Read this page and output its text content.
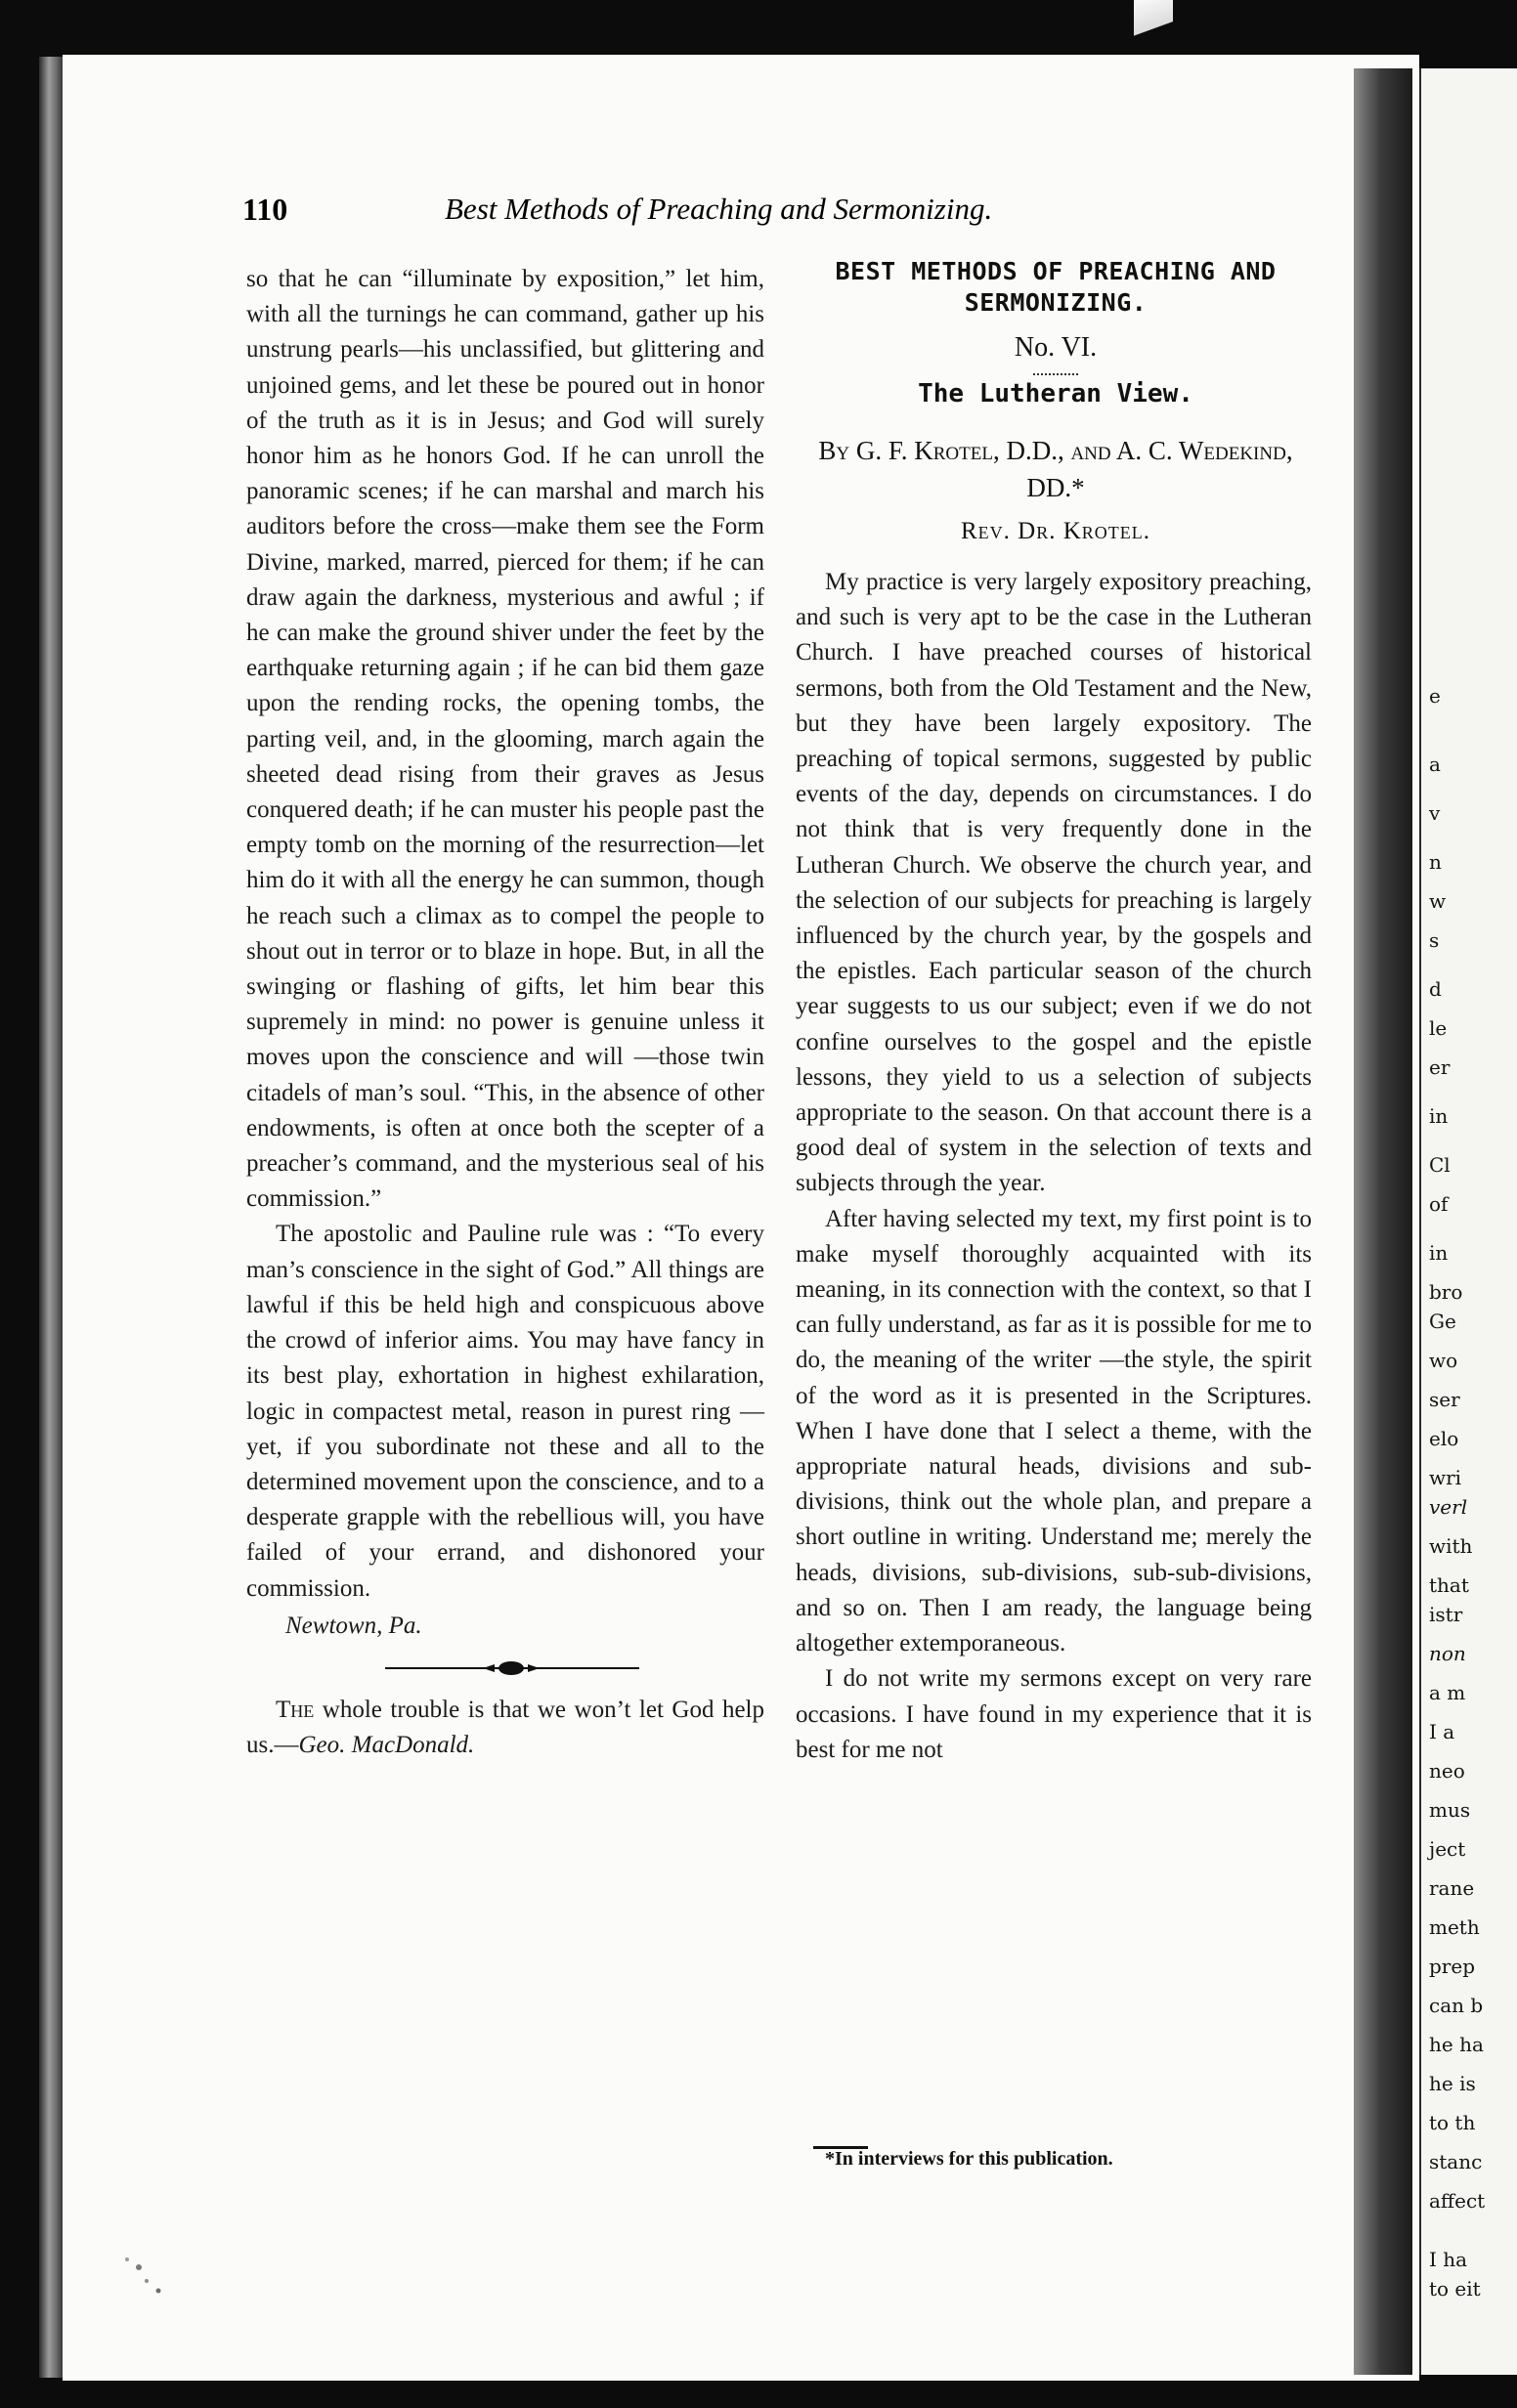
e
a
v
n
w
s
d
le
er
in
Cl
of
in
bro
Ge
wo
ser
elo
wri
verl
with
that
istr
non
a m
I a
neo
mus
ject
rane
meth
prep
can b
he ha
he is
to th
stanc
affect
I ha
to eit
110	Best Methods of Preaching and Sermonizing.

so that he can “illuminate by exposition,” let him, with all the turnings he can command, gather up his unstrung pearls—his unclassified, but glittering and unjoined gems, and let these be poured out in honor of the truth as it is in Jesus; and God will surely honor him as he honors God. If he can unroll the panoramic scenes; if he can marshal and march his auditors before the cross—make them see the Form Divine, marked, marred, pierced for them; if he can draw again the darkness, mysterious and awful ; if he can make the ground shiver under the feet by the earthquake returning again ; if he can bid them gaze upon the rending rocks, the opening tombs, the parting veil, and, in the glooming, march again the sheeted dead rising from their graves as Jesus conquered death; if he can muster his people past the empty tomb on the morning of the resurrection—let him do it with all the energy he can summon, though he reach such a climax as to compel the people to shout out in terror or to blaze in hope. But, in all the swinging or flashing of gifts, let him bear this supremely in mind: no power is genuine unless it moves upon the conscience and will —those twin citadels of man’s soul. “This, in the absence of other endowments, is often at once both the scepter of a preacher’s command, and the mysterious seal of his commission.”

The apostolic and Pauline rule was : “To every man’s conscience in the sight of God.” All things are lawful if this be held high and conspicuous above the crowd of inferior aims. You may have fancy in its best play, exhortation in highest exhilaration, logic in compactest metal, reason in purest ring —yet, if you subordinate not these and all to the determined movement upon the conscience, and to a desperate grapple with the rebellious will, you have failed of your errand, and dishonored your commission.

Newtown, Pa.

The whole trouble is that we won’t let God help us.—Geo. MacDonald.

BEST METHODS OF PREACHING AND SERMONIZING.
No. VI.
The Lutheran View.
By G. F. Krotel, D.D., and A. C. Wedekind, DD.*
Rev. Dr. Krotel.

My practice is very largely expository preaching, and such is very apt to be the case in the Lutheran Church. I have preached courses of historical sermons, both from the Old Testament and the New, but they have been largely expository. The preaching of topical sermons, suggested by public events of the day, depends on circumstances. I do not think that is very frequently done in the Lutheran Church. We observe the church year, and the selection of our subjects for preaching is largely influenced by the church year, by the gospels and the epistles. Each particular season of the church year suggests to us our subject; even if we do not confine ourselves to the gospel and the epistle lessons, they yield to us a selection of subjects appropriate to the season. On that account there is a good deal of system in the selection of texts and subjects through the year.

After having selected my text, my first point is to make myself thoroughly acquainted with its meaning, in its connection with the context, so that I can fully understand, as far as it is possible for me to do, the meaning of the writer —the style, the spirit of the word as it is presented in the Scriptures. When I have done that I select a theme, with the appropriate natural heads, divisions and sub-divisions, think out the whole plan, and prepare a short outline in writing. Understand me; merely the heads, divisions, sub-divisions, sub-sub-divisions, and so on. Then I am ready, the language being altogether extemporaneous.

I do not write my sermons except on very rare occasions. I have found in my experience that it is best for me not

*In interviews for this publication.
